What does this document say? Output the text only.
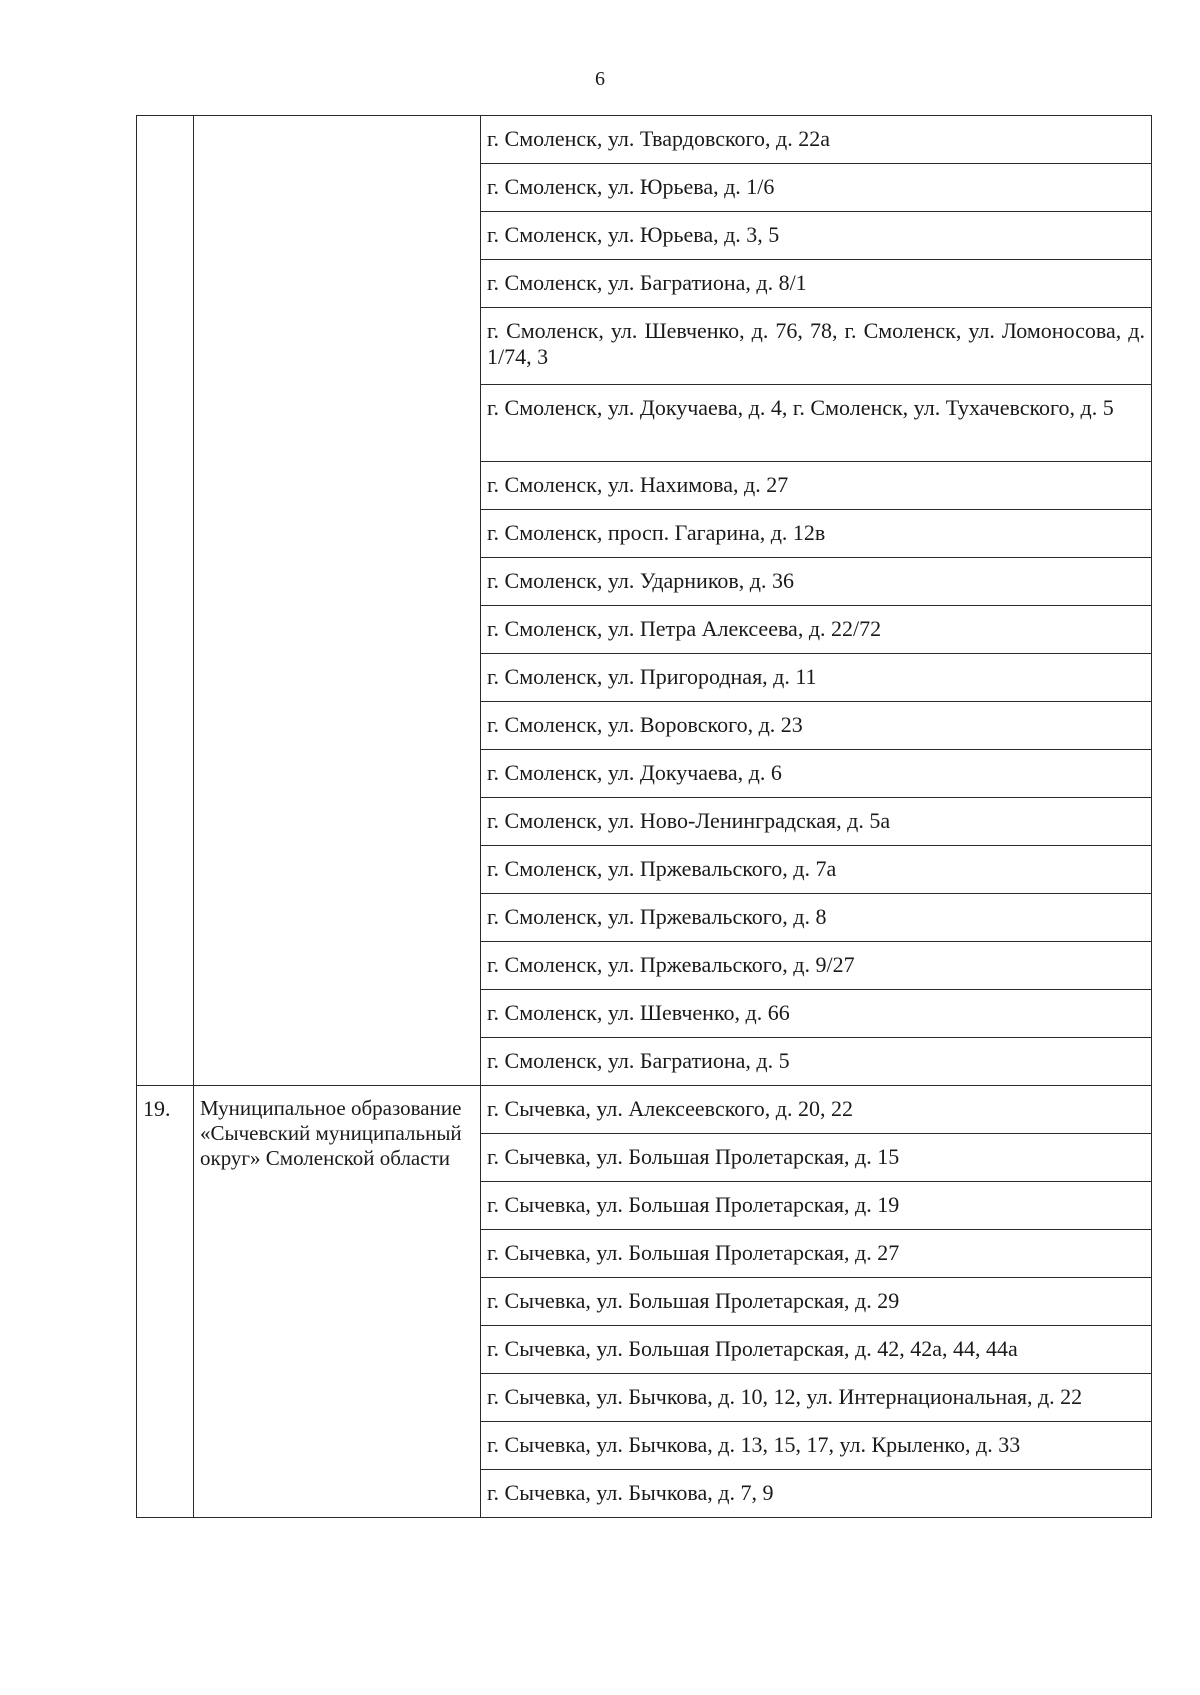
6

		г. Смоленск, ул. Твардовского, д. 22а

		г. Смоленск, ул. Юрьева, д. 1/6

		г. Смоленск, ул. Юрьева, д. 3, 5

		г. Смоленск, ул. Багратиона, д. 8/1

		г. Смоленск, ул. Шевченко, д. 76, 78, г. Смоленск, ул. Ломоносова, д. 1/74, 3

		г. Смоленск, ул. Докучаева, д. 4, г. Смоленск, ул. Тухачевского, д. 5

		г. Смоленск, ул. Нахимова, д. 27

		г. Смоленск, просп. Гагарина, д. 12в

		г. Смоленск, ул. Ударников, д. 36

		г. Смоленск, ул. Петра Алексеева, д. 22/72

		г. Смоленск, ул. Пригородная, д. 11

		г. Смоленск, ул. Воровского, д. 23

		г. Смоленск, ул. Докучаева, д. 6

		г. Смоленск, ул. Ново-Ленинградская, д. 5а

		г. Смоленск, ул. Пржевальского, д. 7а

		г. Смоленск, ул. Пржевальского, д. 8

		г. Смоленск, ул. Пржевальского, д. 9/27

		г. Смоленск, ул. Шевченко, д. 66

		г. Смоленск, ул. Багратиона, д. 5

19.	Муниципальное образование «Сычевский муниципальный округ» Смоленской области	г. Сычевка, ул. Алексеевского, д. 20, 22

		г. Сычевка, ул. Большая Пролетарская, д. 15

		г. Сычевка, ул. Большая Пролетарская, д. 19

		г. Сычевка, ул. Большая Пролетарская, д. 27

		г. Сычевка, ул. Большая Пролетарская, д. 29

		г. Сычевка, ул. Большая Пролетарская, д. 42, 42а, 44, 44а

		г. Сычевка, ул. Бычкова, д. 10, 12, ул. Интернациональная, д. 22

		г. Сычевка, ул. Бычкова, д. 13, 15, 17, ул. Крыленко, д. 33

		г. Сычевка, ул. Бычкова, д. 7, 9
